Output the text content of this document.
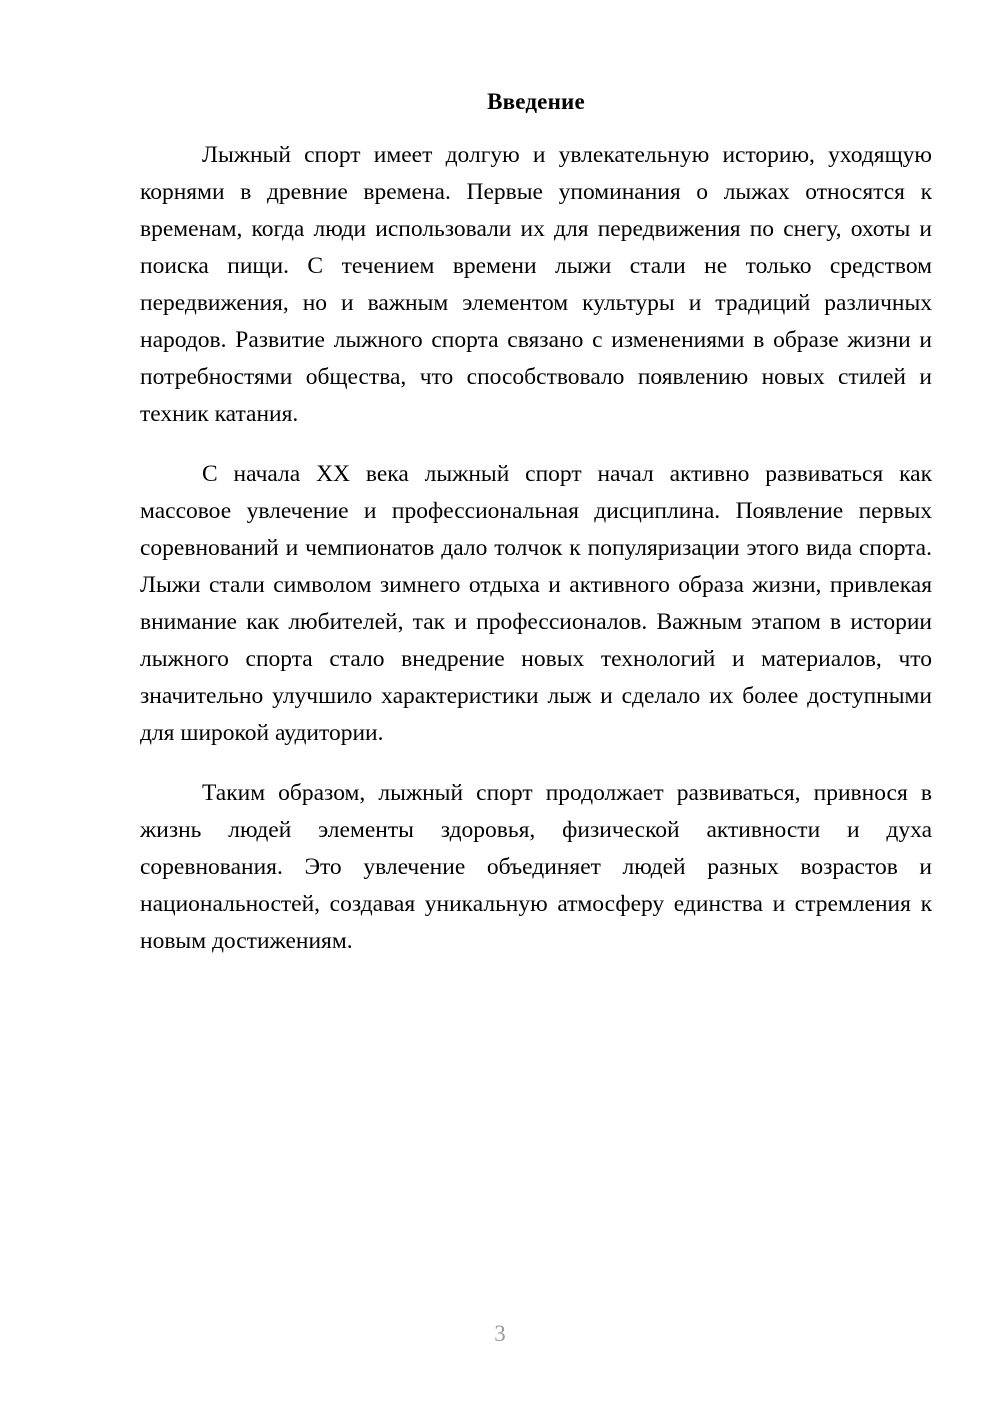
Введение

Лыжный спорт имеет долгую и увлекательную историю, уходящую корнями в древние времена. Первые упоминания о лыжах относятся к временам, когда люди использовали их для передвижения по снегу, охоты и поиска пищи. С течением времени лыжи стали не только средством передвижения, но и важным элементом культуры и традиций различных народов. Развитие лыжного спорта связано с изменениями в образе жизни и потребностями общества, что способствовало появлению новых стилей и техник катания.

С начала XX века лыжный спорт начал активно развиваться как массовое увлечение и профессиональная дисциплина. Появление первых соревнований и чемпионатов дало толчок к популяризации этого вида спорта. Лыжи стали символом зимнего отдыха и активного образа жизни, привлекая внимание как любителей, так и профессионалов. Важным этапом в истории лыжного спорта стало внедрение новых технологий и материалов, что значительно улучшило характеристики лыж и сделало их более доступными для широкой аудитории.

Таким образом, лыжный спорт продолжает развиваться, привнося в жизнь людей элементы здоровья, физической активности и духа соревнования. Это увлечение объединяет людей разных возрастов и национальностей, создавая уникальную атмосферу единства и стремления к новым достижениям.

3
